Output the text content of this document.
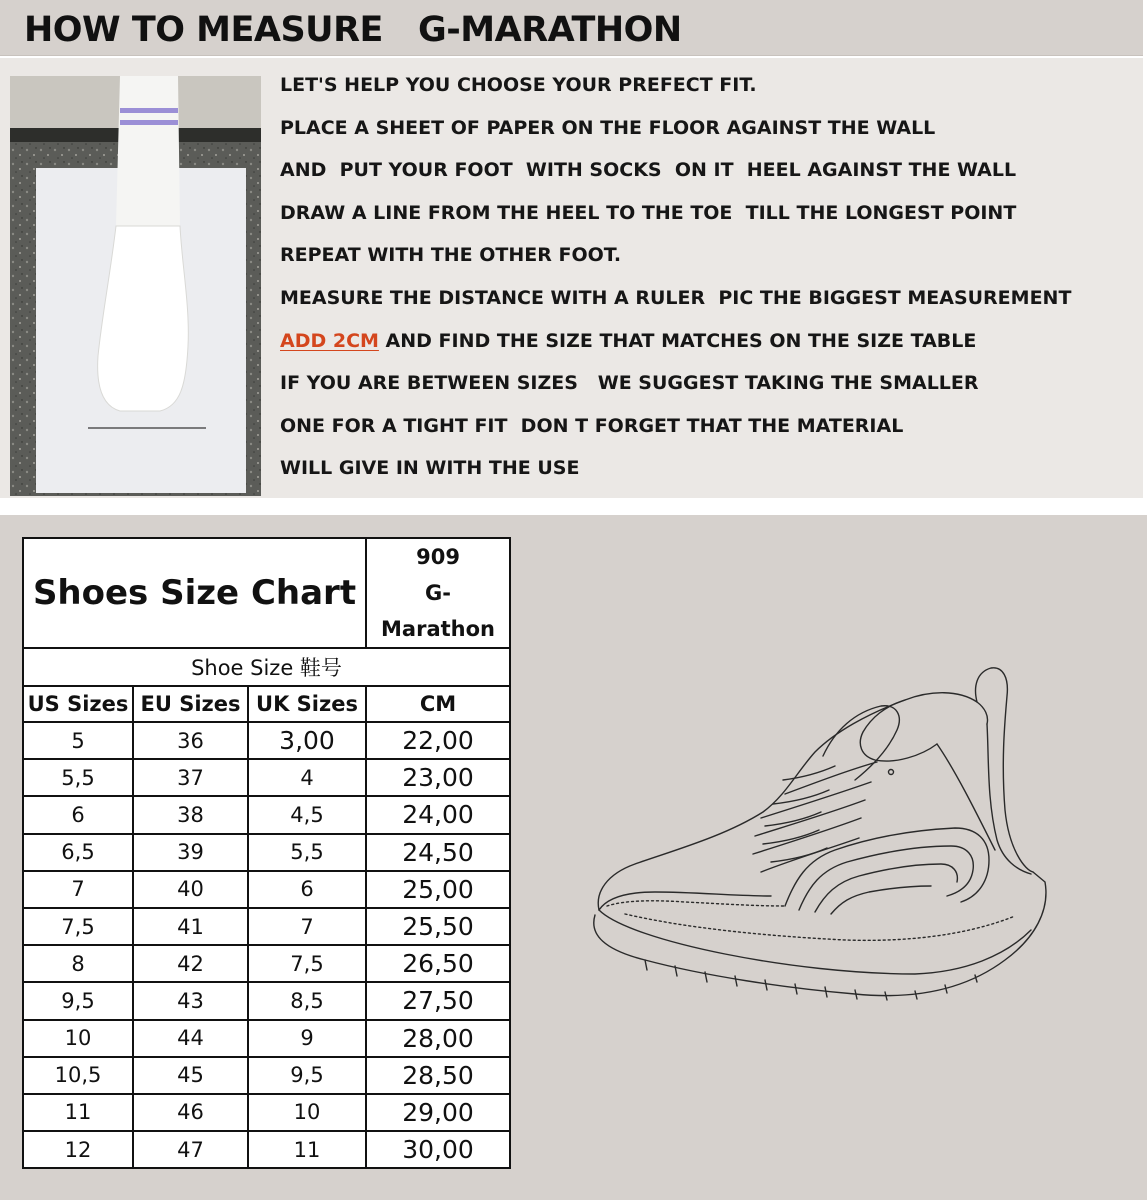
HOW TO MEASURE   G-MARATHON
LET'S HELP YOU CHOOSE YOUR PREFECT FIT.
PLACE A SHEET OF PAPER ON THE FLOOR AGAINST THE WALL
AND  PUT YOUR FOOT  WITH SOCKS  ON IT  HEEL AGAINST THE WALL
DRAW A LINE FROM THE HEEL TO THE TOE  TILL THE LONGEST POINT
REPEAT WITH THE OTHER FOOT.
MEASURE THE DISTANCE WITH A RULER  PIC THE BIGGEST MEASUREMENT
ADD 2CM AND FIND THE SIZE THAT MATCHES ON THE SIZE TABLE
IF YOU ARE BETWEEN SIZES   WE SUGGEST TAKING THE SMALLER
ONE FOR A TIGHT FIT  DON T FORGET THAT THE MATERIAL
WILL GIVE IN WITH THE USE
Shoes Size Chart			909
G-
Marathon

Shoe Size 鞋号			
US Sizes	EU Sizes	UK Sizes	CM
5	36	3,00	22,00
5,5	37	4	23,00
6	38	4,5	24,00
6,5	39	5,5	24,50
7	40	6	25,00
7,5	41	7	25,50
8	42	7,5	26,50
9,5	43	8,5	27,50
10	44	9	28,00
10,5	45	9,5	28,50
11	46	10	29,00
12	47	11	30,00
